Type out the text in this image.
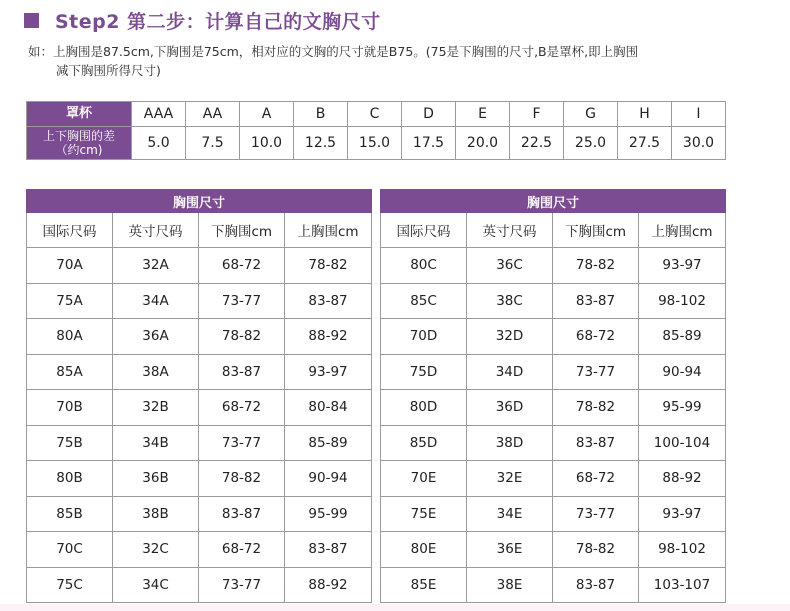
Step2 第二步：计算自己的文胸尺寸
如：上胸围是87.5cm,下胸围是75cm，相对应的文胸的尺寸就是B75。(75是下胸围的尺寸,B是罩杯,即上胸围
减下胸围所得尺寸)
罩杯	AAA	AA	A	B	C	D	E	F	G	H	I

上下胸围的差
（约cm)	5.0	7.5	10.0	12.5	15.0	17.5	20.0	22.5	25.0	27.5	30.0
胸围尺寸			
国际尺码	英寸尺码	下胸围cm	上胸围cm
70A	32A	68-72	78-82
75A	34A	73-77	83-87
80A	36A	78-82	88-92
85A	38A	83-87	93-97
70B	32B	68-72	80-84
75B	34B	73-77	85-89
80B	36B	78-82	90-94
85B	38B	83-87	95-99
70C	32C	68-72	83-87
75C	34C	73-77	88-92
胸围尺寸			
国际尺码	英寸尺码	下胸围cm	上胸围cm
80C	36C	78-82	93-97
85C	38C	83-87	98-102
70D	32D	68-72	85-89
75D	34D	73-77	90-94
80D	36D	78-82	95-99
85D	38D	83-87	100-104
70E	32E	68-72	88-92
75E	34E	73-77	93-97
80E	36E	78-82	98-102
85E	38E	83-87	103-107
